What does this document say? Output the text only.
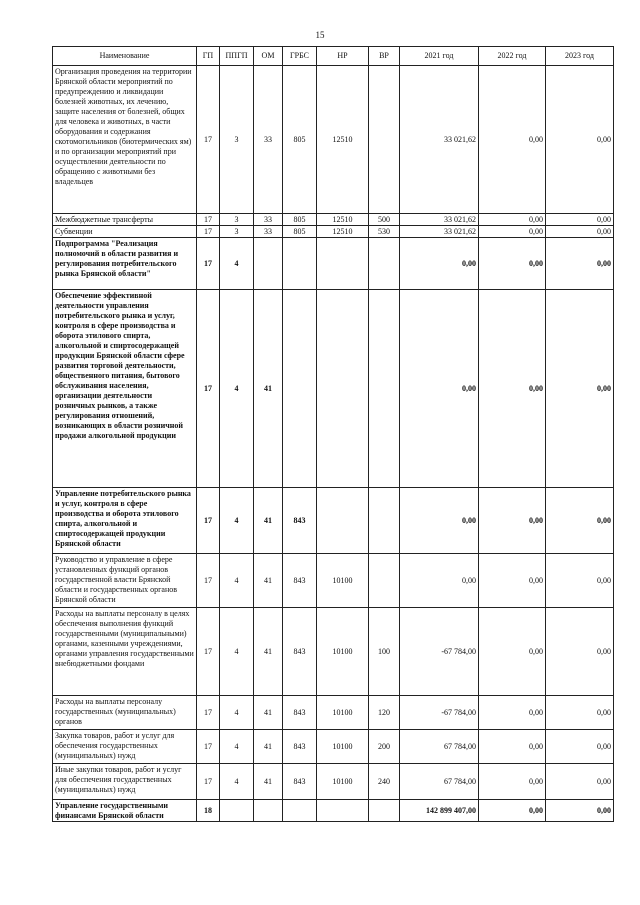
15
Наименование	ГП	ППГП	ОМ	ГРБС	НР	ВР	2021 год	2022 год	2023 год
Организация проведения на территории Брянской области мероприятий по предупреждению и ликвидации болезней животных, их лечению, защите населения от болезней, общих для человека и животных, в части оборудования и содержания скотомогильников (биотермических ям) и по организации мероприятий при осуществлении деятельности по обращению с животными без владельцев	17	3	33	805	12510		33 021,62	0,00	0,00
Межбюджетные трансферты	17	3	33	805	12510	500	33 021,62	0,00	0,00
Субвенции	17	3	33	805	12510	530	33 021,62	0,00	0,00
Подпрограмма "Реализация полномочий в области развития и регулирования потребительского рынка Брянской области"	17	4					0,00	0,00	0,00
Обеспечение эффективной деятельности управления потребительского рынка и услуг, контроля в сфере производства и оборота этилового спирта, алкогольной и спиртосодержащей продукции Брянской области сфере развития торговой деятельности, общественного питания, бытового обслуживания населения, организации деятельности розничных рынков, а также регулирования отношений, возникающих в области розничной продажи алкогольной продукции	17	4	41				0,00	0,00	0,00
Управление потребительского рынка и услуг, контроля в сфере производства и оборота этилового спирта, алкогольной и спиртосодержащей продукции Брянской области	17	4	41	843			0,00	0,00	0,00
Руководство и управление в сфере установленных функций органов государственной власти Брянской области и государственных органов Брянской области	17	4	41	843	10100		0,00	0,00	0,00
Расходы на выплаты персоналу в целях обеспечения выполнения функций государственными (муниципальными) органами, казенными учреждениями, органами управления государственными внебюджетными фондами	17	4	41	843	10100	100	-67 784,00	0,00	0,00
Расходы на выплаты персоналу государственных (муниципальных) органов	17	4	41	843	10100	120	-67 784,00	0,00	0,00
Закупка товаров, работ и услуг для обеспечения государственных (муниципальных) нужд	17	4	41	843	10100	200	67 784,00	0,00	0,00
Иные закупки товаров, работ и услуг для обеспечения государственных (муниципальных) нужд	17	4	41	843	10100	240	67 784,00	0,00	0,00
Управление государственными финансами Брянской области	18						142 899 407,00	0,00	0,00
